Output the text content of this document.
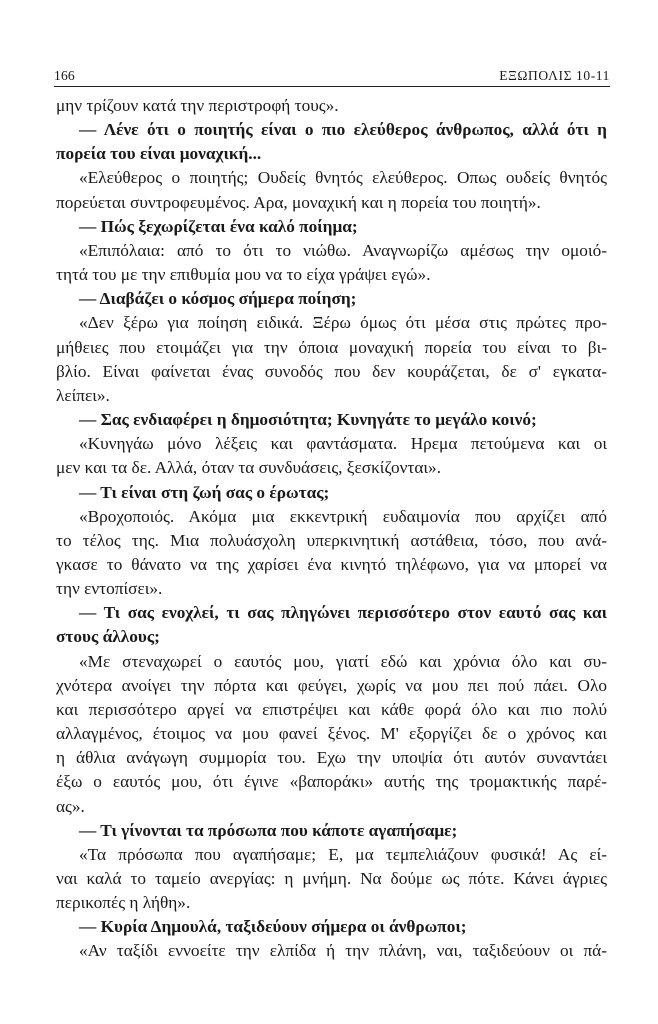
166	ΕΞΩΠΟΛΙΣ 10-11
μην τρίζουν κατά την περιστροφή τους».
— Λένε ότι ο ποιητής είναι ο πιο ελεύθερος άνθρωπος, αλλά ότι η
πορεία του είναι μοναχική...
«Ελεύθερος ο ποιητής; Ουδείς θνητός ελεύθερος. Οπως ουδείς θνητός
πορεύεται συντροφευμένος. Αρα, μοναχική και η πορεία του ποιητή».
— Πώς ξεχωρίζεται ένα καλό ποίημα;
«Επιπόλαια: από το ότι το νιώθω. Αναγνωρίζω αμέσως την ομοιό-
τητά του με την επιθυμία μου να το είχα γράψει εγώ».
— Διαβάζει ο κόσμος σήμερα ποίηση;
«Δεν ξέρω για ποίηση ειδικά. Ξέρω όμως ότι μέσα στις πρώτες προ-
μήθειες που ετοιμάζει για την όποια μοναχική πορεία του είναι το βι-
βλίο. Είναι φαίνεται ένας συνοδός που δεν κουράζεται, δε σ' εγκατα-
λείπει».
— Σας ενδιαφέρει η δημοσιότητα; Κυνηγάτε το μεγάλο κοινό;
«Κυνηγάω μόνο λέξεις και φαντάσματα. Ηρεμα πετούμενα και οι
μεν και τα δε. Αλλά, όταν τα συνδυάσεις, ξεσκίζονται».
— Τι είναι στη ζωή σας ο έρωτας;
«Βροχοποιός. Ακόμα μια εκκεντρική ευδαιμονία που αρχίζει από
το τέλος της. Μια πολυάσχολη υπερκινητική αστάθεια, τόσο, που ανά-
γκασε το θάνατο να της χαρίσει ένα κινητό τηλέφωνο, για να μπορεί να
την εντοπίσει».
— Τι σας ενοχλεί, τι σας πληγώνει περισσότερο στον εαυτό σας και
στους άλλους;
«Με στεναχωρεί ο εαυτός μου, γιατί εδώ και χρόνια όλο και συ-
χνότερα ανοίγει την πόρτα και φεύγει, χωρίς να μου πει πού πάει. Ολο
και περισσότερο αργεί να επιστρέψει και κάθε φορά όλο και πιο πολύ
αλλαγμένος, έτοιμος να μου φανεί ξένος. Μ' εξοργίζει δε ο χρόνος και
η άθλια ανάγωγη συμμορία του. Εχω την υποψία ότι αυτόν συναντάει
έξω ο εαυτός μου, ότι έγινε «βαποράκι» αυτής της τρομακτικής παρέ-
ας».
— Τι γίνονται τα πρόσωπα που κάποτε αγαπήσαμε;
«Τα πρόσωπα που αγαπήσαμε; Ε, μα τεμπελιάζουν φυσικά! Ας εί-
ναι καλά το ταμείο ανεργίας: η μνήμη. Να δούμε ως πότε. Κάνει άγριες
περικοπές η λήθη».
— Κυρία Δημουλά, ταξιδεύουν σήμερα οι άνθρωποι;
«Αν ταξίδι εννοείτε την ελπίδα ή την πλάνη, ναι, ταξιδεύουν οι πά-
